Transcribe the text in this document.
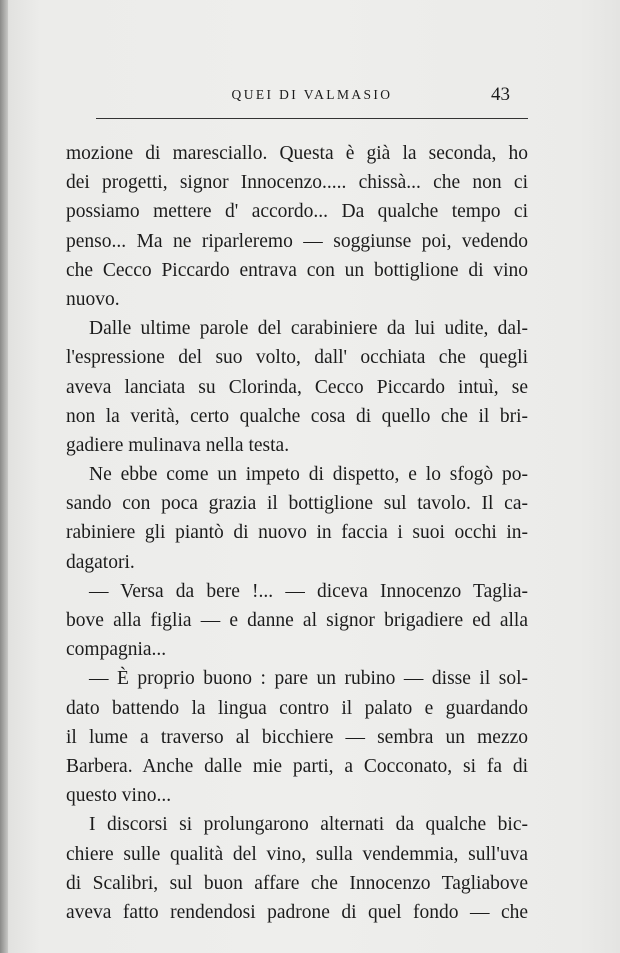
QUEI DI VALMASIO	43
mozione di maresciallo. Questa è già la seconda, ho
dei progetti, signor Innocenzo..... chissà... che non ci
possiamo mettere d' accordo... Da qualche tempo ci
penso... Ma ne riparleremo — soggiunse poi, vedendo
che Cecco Piccardo entrava con un bottiglione di vino
nuovo.
Dalle ultime parole del carabiniere da lui udite, dal-
l'espressione del suo volto, dall' occhiata che quegli
aveva lanciata su Clorinda, Cecco Piccardo intuì, se
non la verità, certo qualche cosa di quello che il bri-
gadiere mulinava nella testa.
Ne ebbe come un impeto di dispetto, e lo sfogò po-
sando con poca grazia il bottiglione sul tavolo. Il ca-
rabiniere gli piantò di nuovo in faccia i suoi occhi in-
dagatori.
— Versa da bere !... — diceva Innocenzo Taglia-
bove alla figlia — e danne al signor brigadiere ed alla
compagnia...
— È proprio buono : pare un rubino — disse il sol-
dato battendo la lingua contro il palato e guardando
il lume a traverso al bicchiere — sembra un mezzo
Barbera. Anche dalle mie parti, a Cocconato, si fa di
questo vino...
I discorsi si prolungarono alternati da qualche bic-
chiere sulle qualità del vino, sulla vendemmia, sull'uva
di Scalibri, sul buon affare che Innocenzo Tagliabove
aveva fatto rendendosi padrone di quel fondo — che
